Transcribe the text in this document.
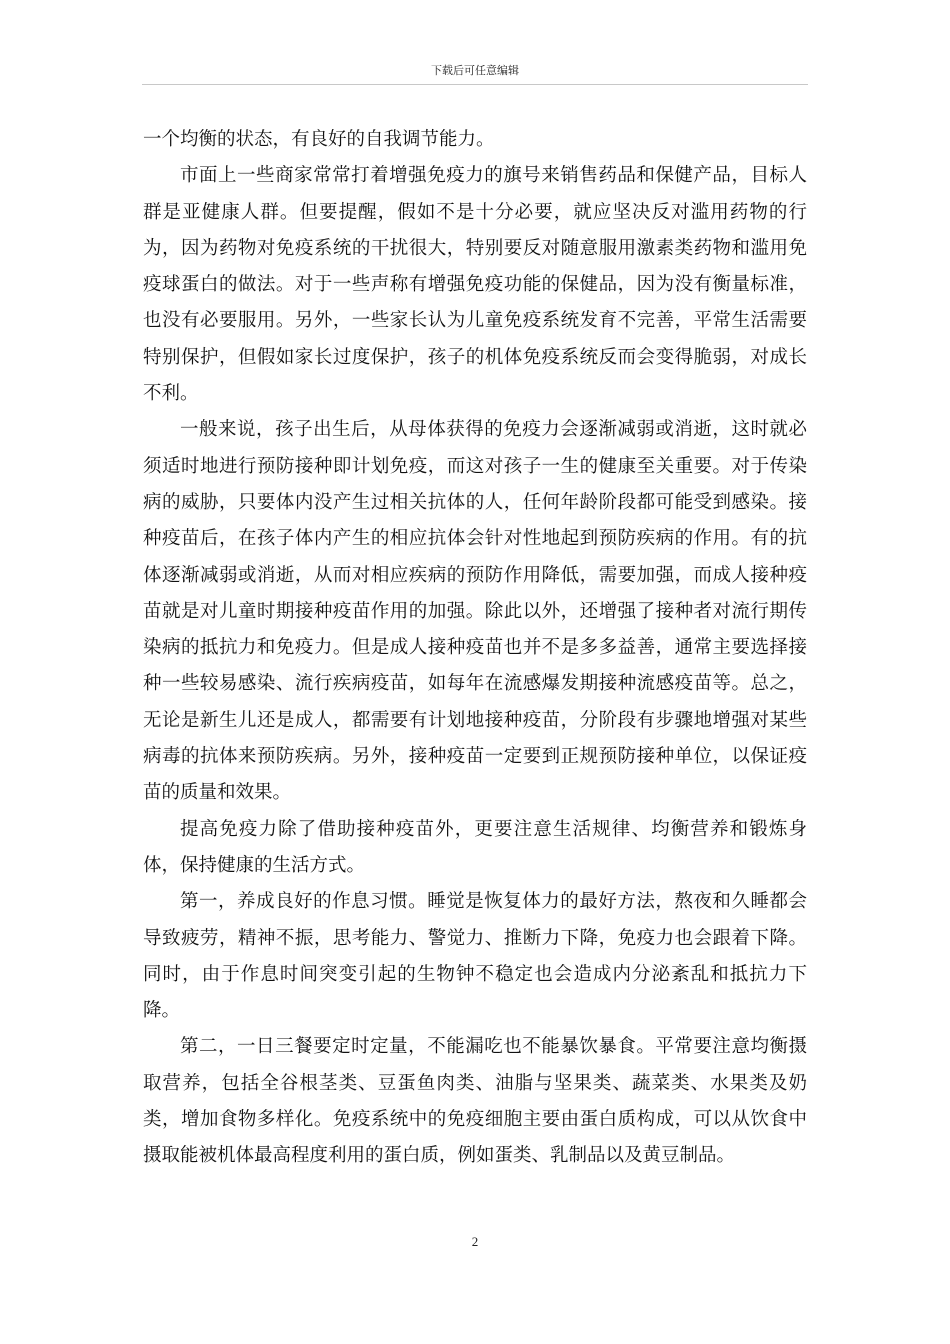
下载后可任意编辑

一个均衡的状态，有良好的自我调节能力。

市面上一些商家常常打着增强免疫力的旗号来销售药品和保健产品，目标人群是亚健康人群。但要提醒，假如不是十分必要，就应坚决反对滥用药物的行为，因为药物对免疫系统的干扰很大，特别要反对随意服用激素类药物和滥用免疫球蛋白的做法。对于一些声称有增强免疫功能的保健品，因为没有衡量标准，也没有必要服用。另外，一些家长认为儿童免疫系统发育不完善，平常生活需要特别保护，但假如家长过度保护，孩子的机体免疫系统反而会变得脆弱，对成长不利。

一般来说，孩子出生后，从母体获得的免疫力会逐渐减弱或消逝，这时就必须适时地进行预防接种即计划免疫，而这对孩子一生的健康至关重要。对于传染病的威胁，只要体内没产生过相关抗体的人，任何年龄阶段都可能受到感染。接种疫苗后，在孩子体内产生的相应抗体会针对性地起到预防疾病的作用。有的抗体逐渐减弱或消逝，从而对相应疾病的预防作用降低，需要加强，而成人接种疫苗就是对儿童时期接种疫苗作用的加强。除此以外，还增强了接种者对流行期传染病的抵抗力和免疫力。但是成人接种疫苗也并不是多多益善，通常主要选择接种一些较易感染、流行疾病疫苗，如每年在流感爆发期接种流感疫苗等。总之，无论是新生儿还是成人，都需要有计划地接种疫苗，分阶段有步骤地增强对某些病毒的抗体来预防疾病。另外，接种疫苗一定要到正规预防接种单位，以保证疫苗的质量和效果。

提高免疫力除了借助接种疫苗外，更要注意生活规律、均衡营养和锻炼身体，保持健康的生活方式。

第一，养成良好的作息习惯。睡觉是恢复体力的最好方法，熬夜和久睡都会导致疲劳，精神不振，思考能力、警觉力、推断力下降，免疫力也会跟着下降。同时，由于作息时间突变引起的生物钟不稳定也会造成内分泌紊乱和抵抗力下降。

第二，一日三餐要定时定量，不能漏吃也不能暴饮暴食。平常要注意均衡摄取营养，包括全谷根茎类、豆蛋鱼肉类、油脂与坚果类、蔬菜类、水果类及奶类，增加食物多样化。免疫系统中的免疫细胞主要由蛋白质构成，可以从饮食中摄取能被机体最高程度利用的蛋白质，例如蛋类、乳制品以及黄豆制品。

2
